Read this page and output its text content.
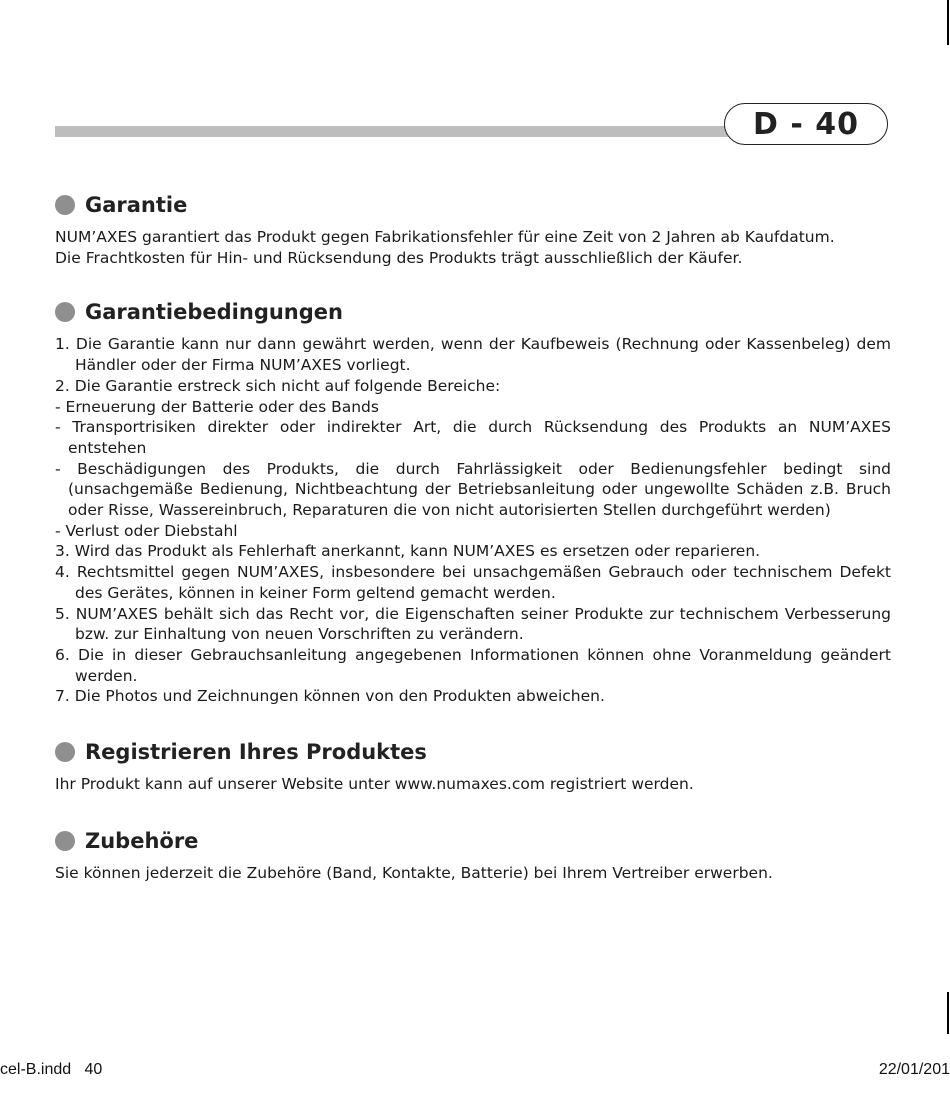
D - 40
Garantie

NUM’AXES garantiert das Produkt gegen Fabrikationsfehler für eine Zeit von 2 Jahren ab Kaufdatum.
Die Frachtkosten für Hin- und Rücksendung des Produkts trägt ausschließlich der Käufer.

Garantiebedingungen
1. Die Garantie kann nur dann gewährt werden, wenn der Kaufbeweis (Rechnung oder Kassenbeleg) dem Händler oder der Firma NUM’AXES vorliegt.
2. Die Garantie erstreck sich nicht auf folgende Bereiche:
- Erneuerung der Batterie oder des Bands
- Transportrisiken direkter oder indirekter Art, die durch Rücksendung des Produkts an NUM’AXES entstehen
- Beschädigungen des Produkts, die durch Fahrlässigkeit oder Bedienungsfehler bedingt sind (unsachgemäße Bedienung, Nichtbeachtung der Betriebsanleitung oder ungewollte Schäden z.B. Bruch oder Risse, Wassereinbruch, Reparaturen die von nicht autorisierten Stellen durchgeführt werden)
- Verlust oder Diebstahl
3. Wird das Produkt als Fehlerhaft anerkannt, kann NUM’AXES es ersetzen oder reparieren.
4. Rechtsmittel gegen NUM’AXES, insbesondere bei unsachgemäßen Gebrauch oder technischem Defekt des Gerätes, können in keiner Form geltend gemacht werden.
5. NUM’AXES behält sich das Recht vor, die Eigenschaften seiner Produkte zur technischem Verbesserung bzw. zur Einhaltung von neuen Vorschriften zu verändern.
6. Die in dieser Gebrauchsanleitung angegebenen Informationen können ohne Voranmeldung geändert werden.
7. Die Photos und Zeichnungen können von den Produkten abweichen.
Registrieren Ihres Produktes

Ihr Produkt kann auf unserer Website unter www.numaxes.com registriert werden.

Zubehöre

Sie können jederzeit die Zubehöre (Band, Kontakte, Batterie) bei Ihrem Vertreiber erwerben.

cel-B.indd   40	22/01/201
